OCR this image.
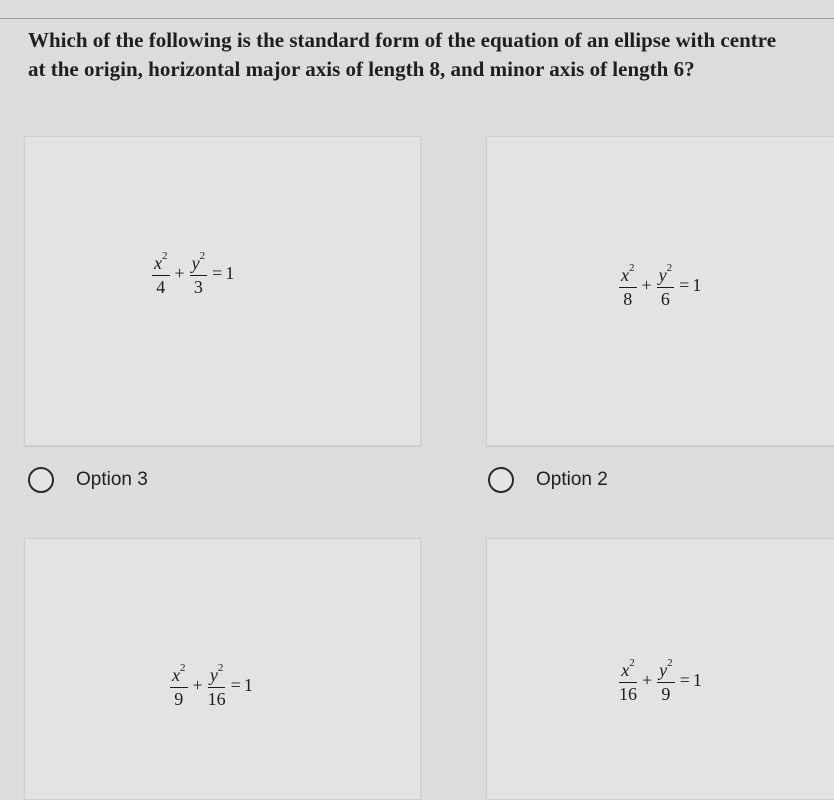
Which of the following is the standard form of the equation of an ellipse with centre
at the origin, horizontal major axis of length 8, and minor axis of length 6?
$\frac{x^2}{4} + \frac{y^2}{3} = 1$	$\frac{x^2}{8} + \frac{y^2}{6} = 1$
Option 3	Option 2
$\frac{x^2}{9} + \frac{y^2}{16} = 1$	$\frac{x^2}{16} + \frac{y^2}{9} = 1$
